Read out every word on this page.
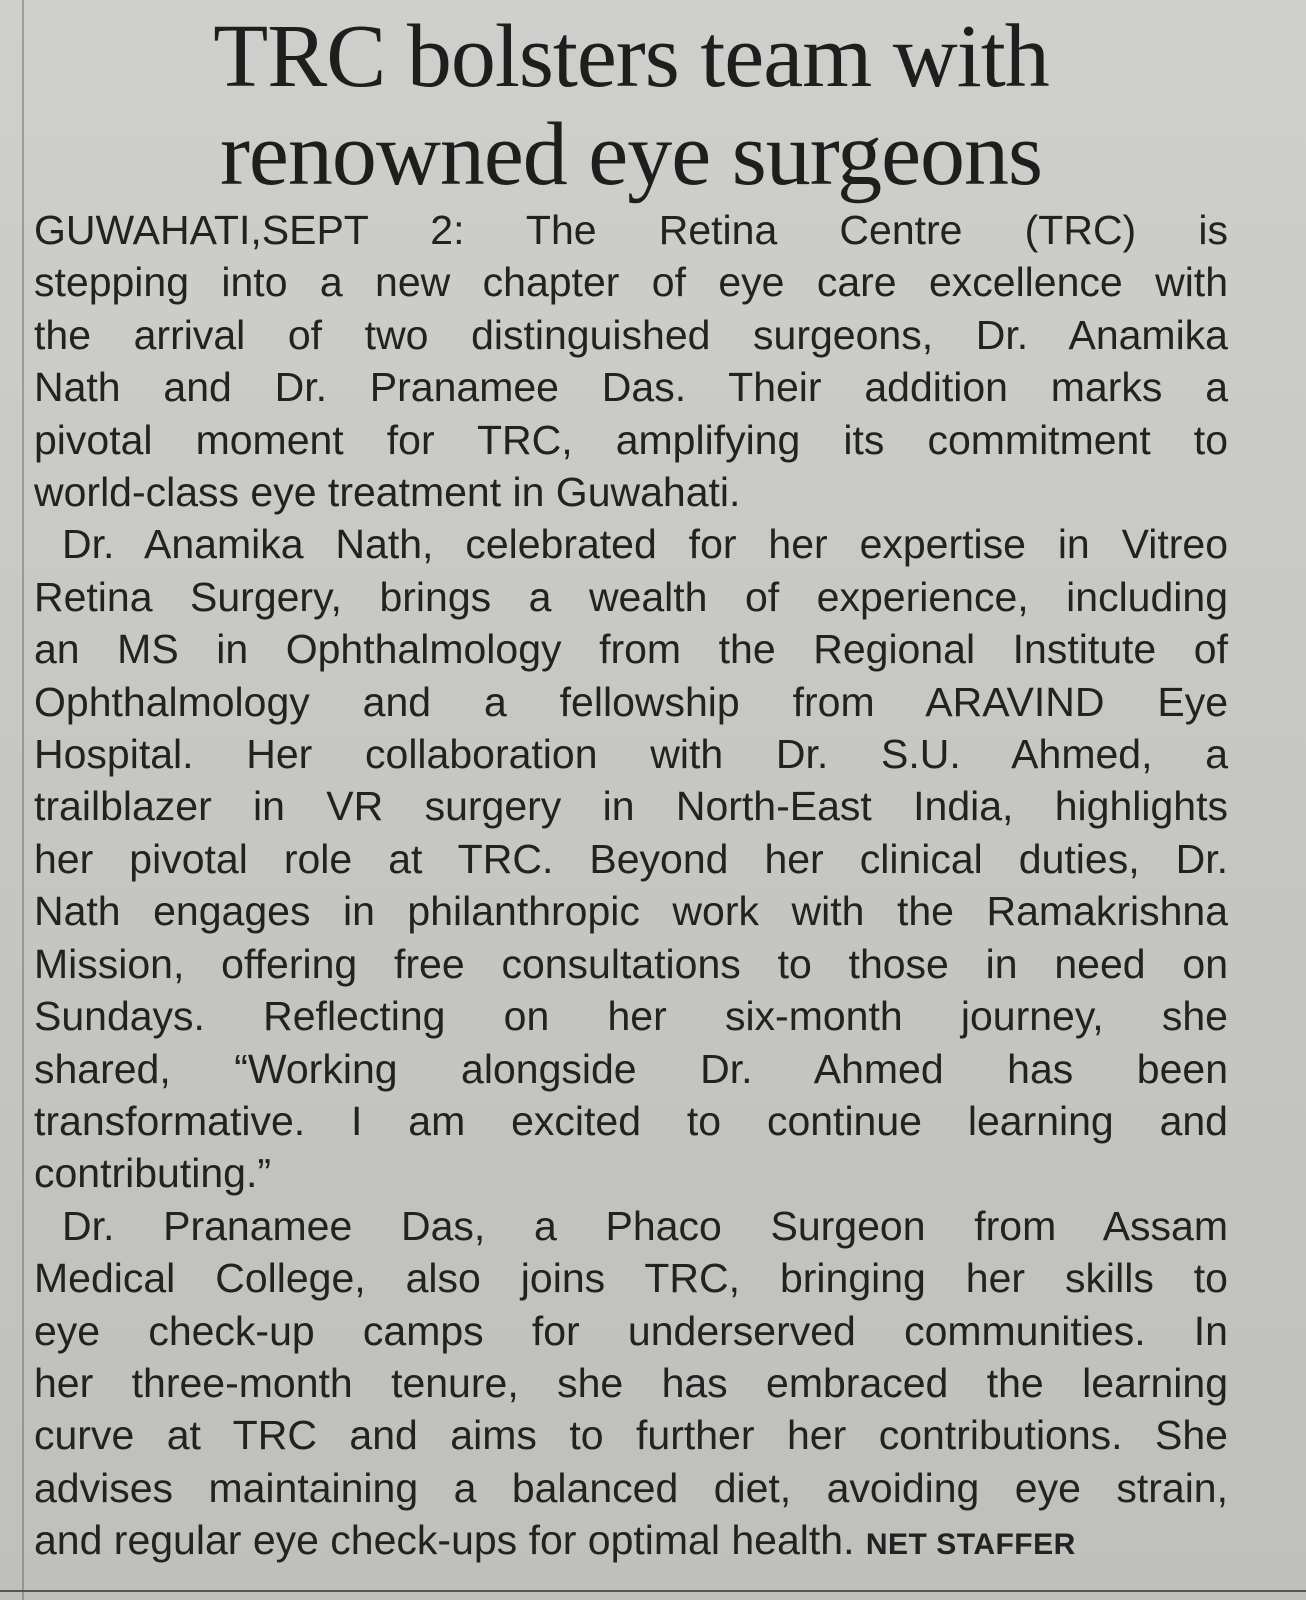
TRC bolsters team with
renowned eye surgeons
GUWAHATI,SEPT 2: The Retina Centre (TRC) is
stepping into a new chapter of eye care excellence with
the arrival of two distinguished surgeons, Dr. Anamika
Nath and Dr. Pranamee Das. Their addition marks a
pivotal moment for TRC, amplifying its commitment to
world-class eye treatment in Guwahati.
Dr. Anamika Nath, celebrated for her expertise in Vitreo
Retina Surgery, brings a wealth of experience, including
an MS in Ophthalmology from the Regional Institute of
Ophthalmology and a fellowship from ARAVIND Eye
Hospital. Her collaboration with Dr. S.U. Ahmed, a
trailblazer in VR surgery in North-East India, highlights
her pivotal role at TRC. Beyond her clinical duties, Dr.
Nath engages in philanthropic work with the Ramakrishna
Mission, offering free consultations to those in need on
Sundays. Reflecting on her six-month journey, she
shared, “Working alongside Dr. Ahmed has been
transformative. I am excited to continue learning and
contributing.”
Dr. Pranamee Das, a Phaco Surgeon from Assam
Medical College, also joins TRC, bringing her skills to
eye check-up camps for underserved communities. In
her three-month tenure, she has embraced the learning
curve at TRC and aims to further her contributions. She
advises maintaining a balanced diet, avoiding eye strain,
and regular eye check-ups for optimal health. NET STAFFER
